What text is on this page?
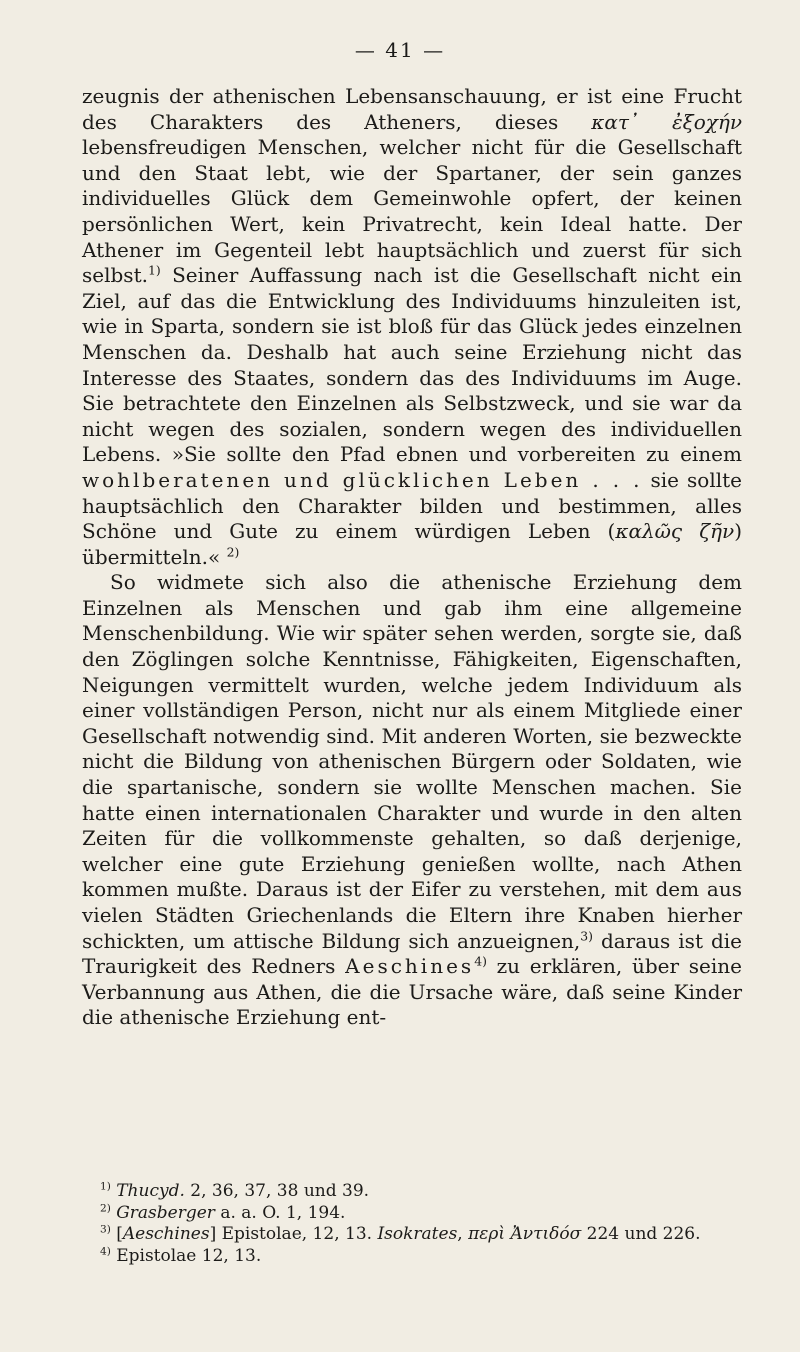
— 41 —

zeugnis der athenischen Lebensanschauung, er ist eine Frucht des Charakters des Atheners, dieses κατ᾽ ἐξοχήν lebensfreudigen Menschen, welcher nicht für die Gesellschaft und den Staat lebt, wie der Spartaner, der sein ganzes individuelles Glück dem Gemeinwohle opfert, der keinen persönlichen Wert, kein Privatrecht, kein Ideal hatte. Der Athener im Gegenteil lebt hauptsächlich und zuerst für sich selbst.$^{1)}$ Seiner Auffassung nach ist die Gesellschaft nicht ein Ziel, auf das die Entwicklung des Individuums hinzuleiten ist, wie in Sparta, sondern sie ist bloß für das Glück jedes einzelnen Menschen da. Deshalb hat auch seine Erziehung nicht das Interesse des Staates, sondern das des Individuums im Auge. Sie betrachtete den Einzelnen als Selbstzweck, und sie war da nicht wegen des sozialen, sondern wegen des individuellen Lebens. »Sie sollte den Pfad ebnen und vorbereiten zu einem wohlberatenen und glücklichen Leben . . . sie sollte hauptsächlich den Charakter bilden und bestimmen, alles Schöne und Gute zu einem würdigen Leben (καλῶς ζῆν) übermitteln.« $^{2)}$

So widmete sich also die athenische Erziehung dem Einzelnen als Menschen und gab ihm eine allgemeine Menschenbildung. Wie wir später sehen werden, sorgte sie, daß den Zöglingen solche Kenntnisse, Fähigkeiten, Eigenschaften, Neigungen vermittelt wurden, welche jedem Individuum als einer vollständigen Person, nicht nur als einem Mitgliede einer Gesellschaft notwendig sind. Mit anderen Worten, sie bezweckte nicht die Bildung von athenischen Bürgern oder Soldaten, wie die spartanische, sondern sie wollte Menschen machen. Sie hatte einen internationalen Charakter und wurde in den alten Zeiten für die vollkommenste gehalten, so daß derjenige, welcher eine gute Erziehung genießen wollte, nach Athen kommen mußte. Daraus ist der Eifer zu verstehen, mit dem aus vielen Städten Griechenlands die Eltern ihre Knaben hierher schickten, um attische Bildung sich anzueignen,$^{3)}$ daraus ist die Traurigkeit des Redners Aeschines$^{4)}$ zu erklären, über seine Verbannung aus Athen, die die Ursache wäre, daß seine Kinder die athenische Erziehung ent-

$^{1)}$ Thucyd. 2, 36, 37, 38 und 39.

$^{2)}$ Grasberger a. a. O. 1, 194.

$^{3)}$ [Aeschines] Epistolae, 12, 13. Isokrates, περὶ Ἀντιδόσ 224 und 226.

$^{4)}$ Epistolae 12, 13.
